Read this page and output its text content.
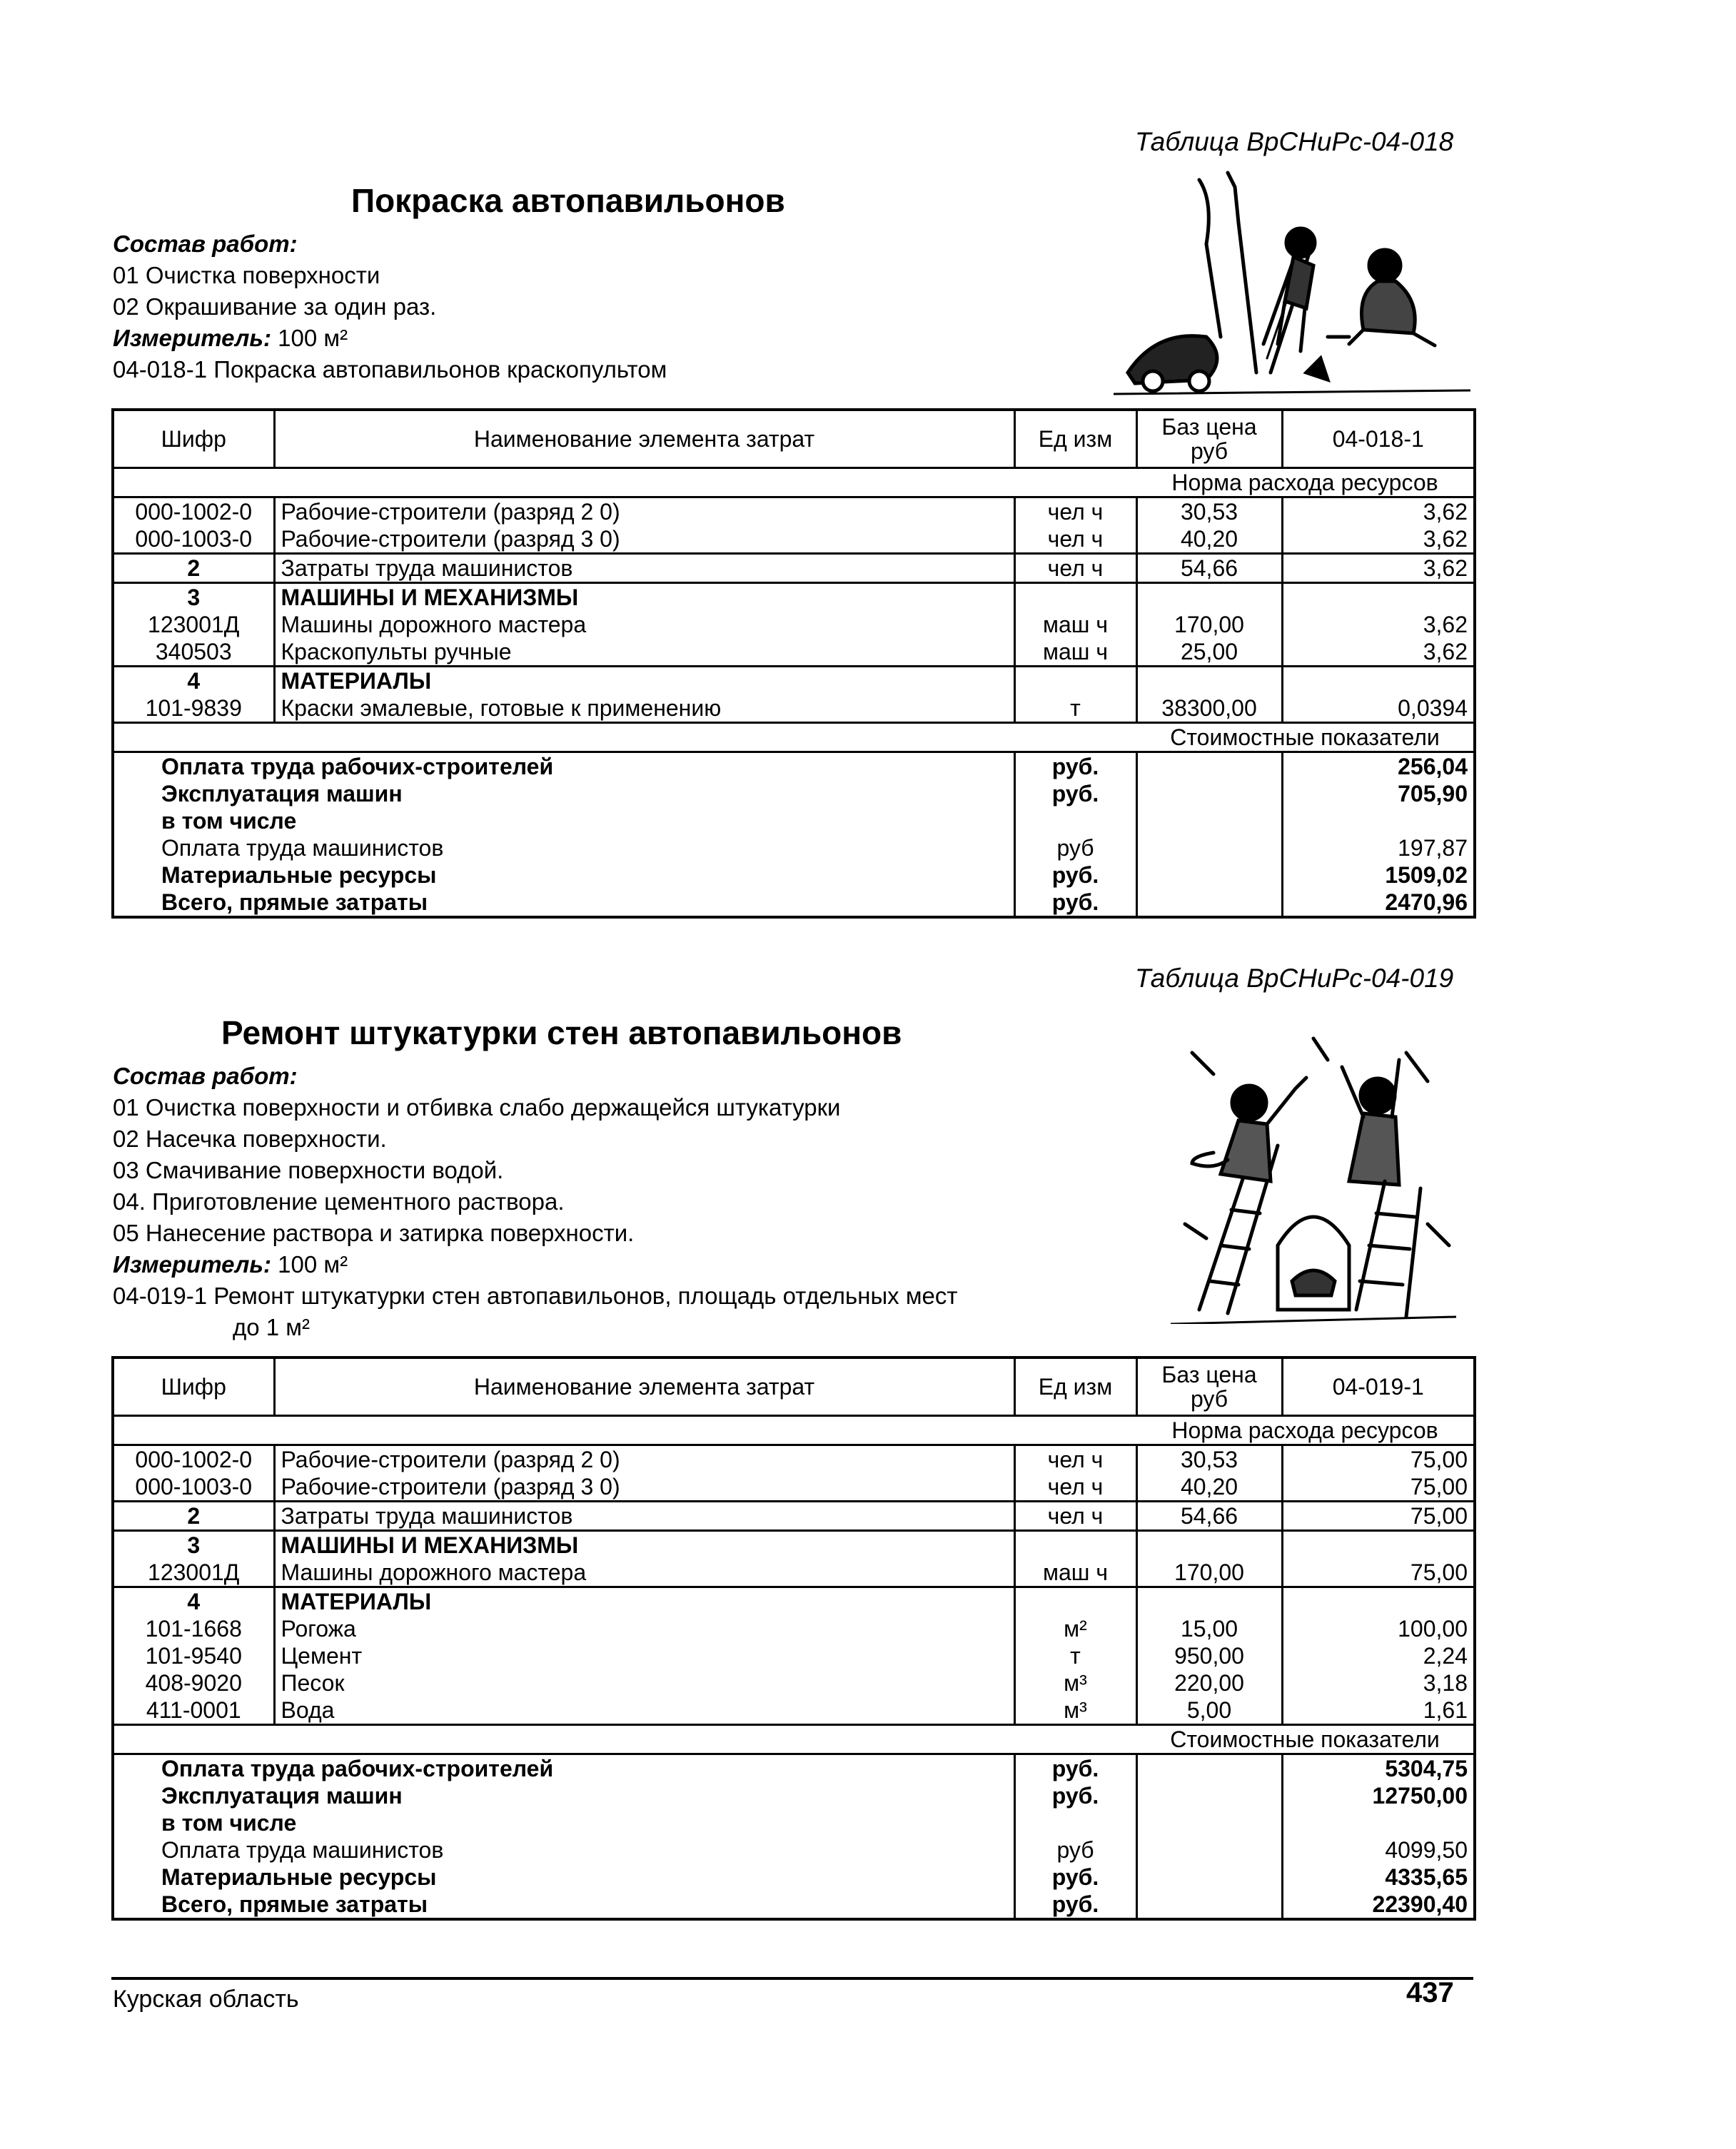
Таблица ВрСНиРс-04-018
Покраска автопавильонов
Состав работ:
01 Очистка поверхности
02 Окрашивание за один раз.
Измеритель: 100 м²
04-018-1 Покраска автопавильонов краскопультом
Шифр	Наименование элемента затрат	Ед изм	Баз цена руб	04-018-1
			Норма расхода ресурсов	
000-1002-0	Рабочие-строители (разряд 2 0)	чел ч	30,53	3,62
000-1003-0	Рабочие-строители (разряд 3 0)	чел ч	40,20	3,62
2	Затраты труда машинистов	чел ч	54,66	3,62
3	МАШИНЫ И МЕХАНИЗМЫ			
123001Д	Машины дорожного мастера	маш ч	170,00	3,62
340503	Краскопульты ручные	маш ч	25,00	3,62
4	МАТЕРИАЛЫ			
101-9839	Краски эмалевые, готовые к применению	т	38300,00	0,0394
			Стоимостные показатели	
Оплата труда рабочих-строителей		руб.		256,04
Эксплуатация машин		руб.		705,90
в том числе				
Оплата труда машинистов		руб		197,87
Материальные ресурсы		руб.		1509,02
Всего, прямые затраты		руб.		2470,96
Таблица ВрСНиРс-04-019
Ремонт штукатурки стен автопавильонов
Состав работ:
01 Очистка поверхности и отбивка слабо держащейся штукатурки
02 Насечка поверхности.
03 Смачивание поверхности водой.
04. Приготовление цементного раствора.
05 Нанесение раствора и затирка поверхности.
Измеритель: 100 м²
04-019-1 Ремонт штукатурки стен автопавильонов, площадь отдельных мест
до 1 м²
Шифр	Наименование элемента затрат	Ед изм	Баз цена руб	04-019-1
			Норма расхода ресурсов	
000-1002-0	Рабочие-строители (разряд 2 0)	чел ч	30,53	75,00
000-1003-0	Рабочие-строители (разряд 3 0)	чел ч	40,20	75,00
2	Затраты труда машинистов	чел ч	54,66	75,00
3	МАШИНЫ И МЕХАНИЗМЫ			
123001Д	Машины дорожного мастера	маш ч	170,00	75,00
4	МАТЕРИАЛЫ			
101-1668	Рогожа	м²	15,00	100,00
101-9540	Цемент	т	950,00	2,24
408-9020	Песок	м³	220,00	3,18
411-0001	Вода	м³	5,00	1,61
			Стоимостные показатели	
Оплата труда рабочих-строителей		руб.		5304,75
Эксплуатация машин		руб.		12750,00
в том числе				
Оплата труда машинистов		руб		4099,50
Материальные ресурсы		руб.		4335,65
Всего, прямые затраты		руб.		22390,40
Курская область	437
